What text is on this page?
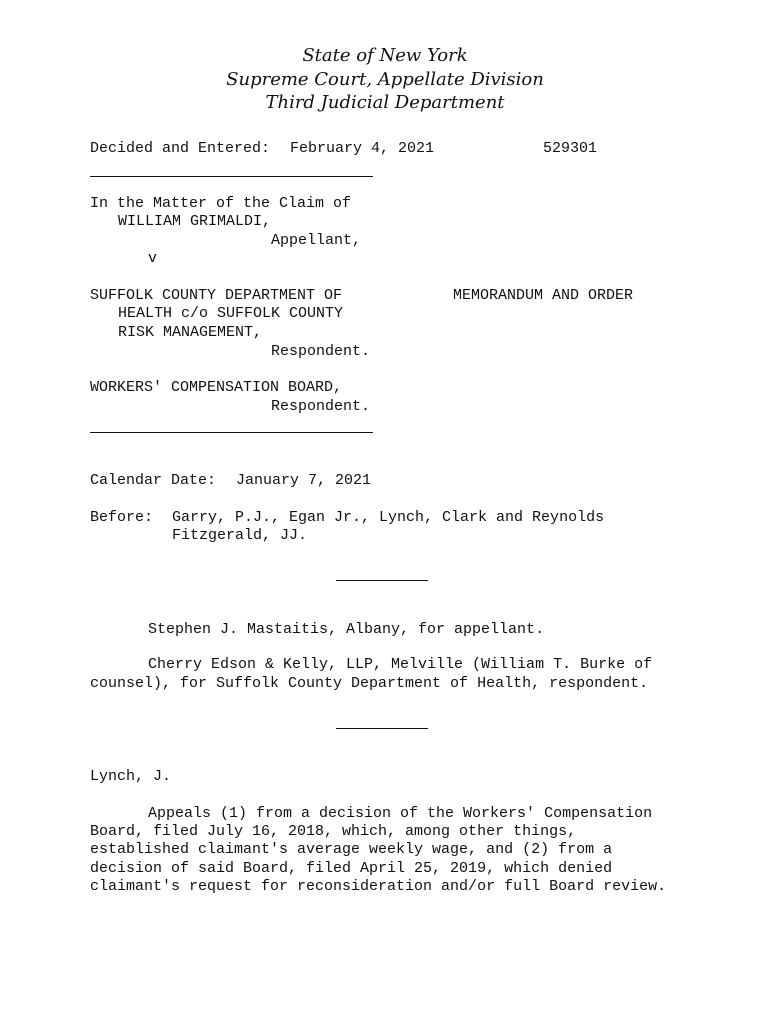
State of New York
Supreme Court, Appellate Division
Third Judicial Department
Decided and Entered: February 4, 2021	529301
In the Matter of the Claim of
WILLIAM GRIMALDI,
Appellant,
v
SUFFOLK COUNTY DEPARTMENT OF
HEALTH c/o SUFFOLK COUNTY
RISK MANAGEMENT,
Respondent.
MEMORANDUM AND ORDER
WORKERS' COMPENSATION BOARD,
Respondent.
Calendar Date: January 7, 2021
Before: Garry, P.J., Egan Jr., Lynch, Clark and Reynolds
Fitzgerald, JJ.
Stephen J. Mastaitis, Albany, for appellant.
Cherry Edson & Kelly, LLP, Melville (William T. Burke of
counsel), for Suffolk County Department of Health, respondent.
Lynch, J.
Appeals (1) from a decision of the Workers' Compensation
Board, filed July 16, 2018, which, among other things,
established claimant's average weekly wage, and (2) from a
decision of said Board, filed April 25, 2019, which denied
claimant's request for reconsideration and/or full Board review.
